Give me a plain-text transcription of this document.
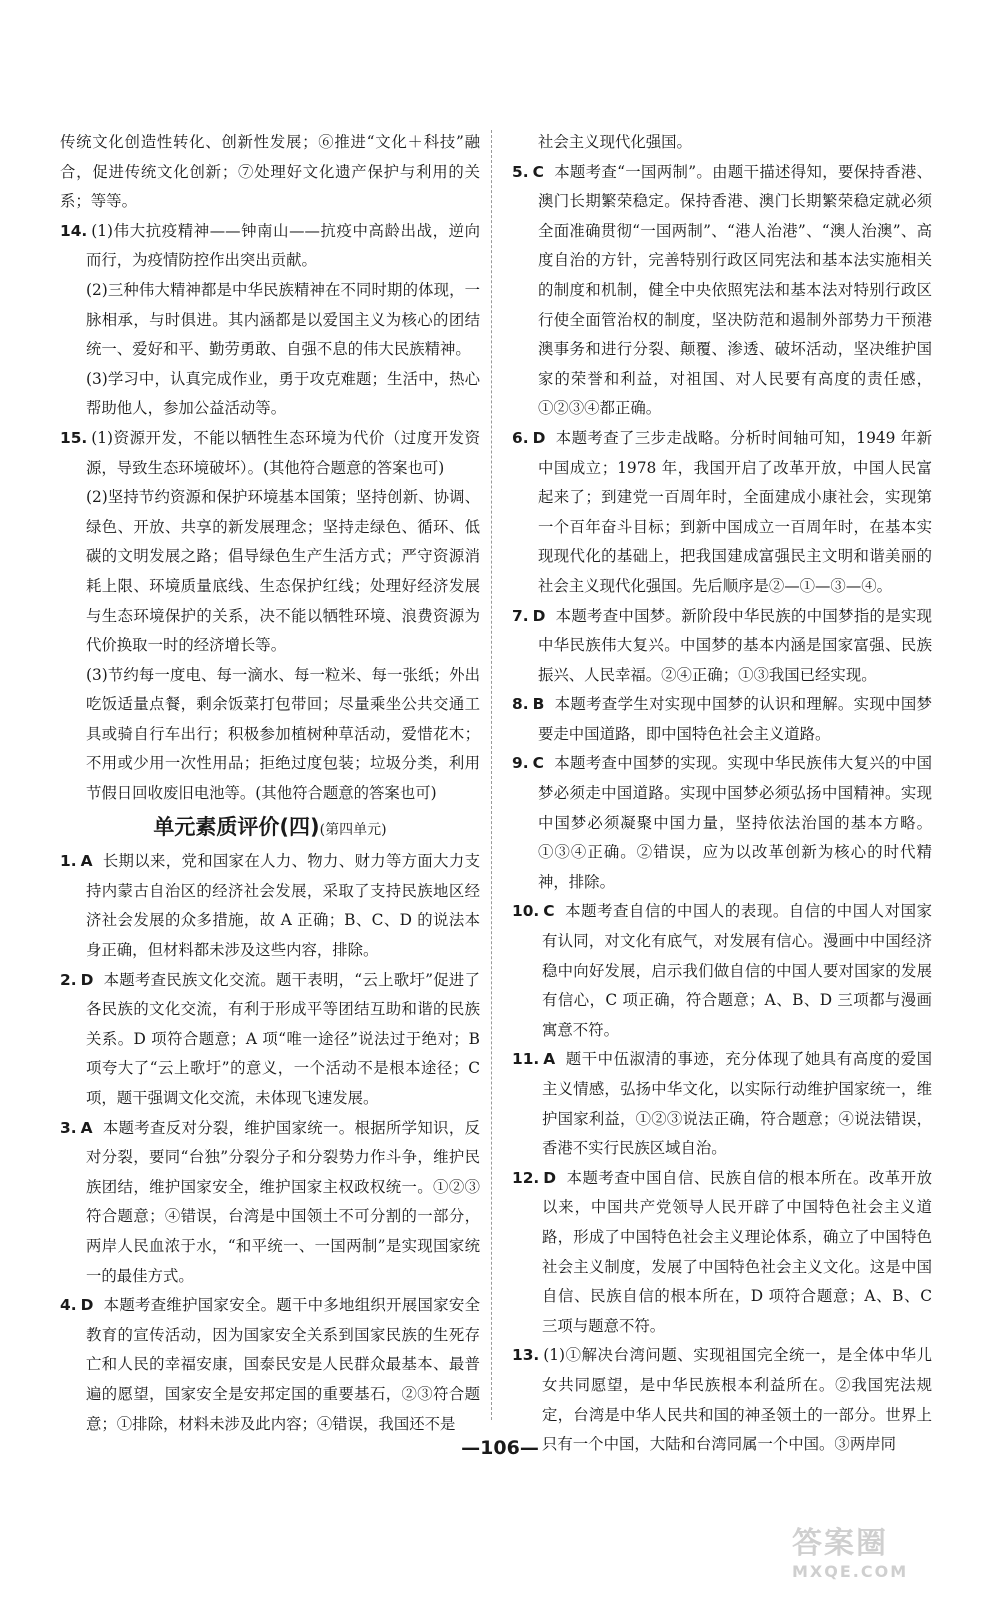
传统文化创造性转化、创新性发展；⑥推进“文化＋科技”融合，促进传统文化创新；⑦处理好文化遗产保护与利用的关系；等等。
14. (1)伟大抗疫精神——钟南山——抗疫中高龄出战，逆向而行，为疫情防控作出突出贡献。
(2)三种伟大精神都是中华民族精神在不同时期的体现，一脉相承，与时俱进。其内涵都是以爱国主义为核心的团结统一、爱好和平、勤劳勇敢、自强不息的伟大民族精神。
(3)学习中，认真完成作业，勇于攻克难题；生活中，热心帮助他人，参加公益活动等。
15. (1)资源开发，不能以牺牲生态环境为代价（过度开发资源，导致生态环境破坏）。(其他符合题意的答案也可)
(2)坚持节约资源和保护环境基本国策；坚持创新、协调、绿色、开放、共享的新发展理念；坚持走绿色、循环、低碳的文明发展之路；倡导绿色生产生活方式；严守资源消耗上限、环境质量底线、生态保护红线；处理好经济发展与生态环境保护的关系，决不能以牺牲环境、浪费资源为代价换取一时的经济增长等。
(3)节约每一度电、每一滴水、每一粒米、每一张纸；外出吃饭适量点餐，剩余饭菜打包带回；尽量乘坐公共交通工具或骑自行车出行；积极参加植树种草活动，爱惜花木；不用或少用一次性用品；拒绝过度包装；垃圾分类，利用节假日回收废旧电池等。(其他符合题意的答案也可)
单元素质评价(四)(第四单元)
1. A 长期以来，党和国家在人力、物力、财力等方面大力支持内蒙古自治区的经济社会发展，采取了支持民族地区经济社会发展的众多措施，故 A 正确；B、C、D 的说法本身正确，但材料都未涉及这些内容，排除。
2. D 本题考查民族文化交流。题干表明，“云上歌圩”促进了各民族的文化交流，有利于形成平等团结互助和谐的民族关系。D 项符合题意；A 项“唯一途径”说法过于绝对；B 项夸大了“云上歌圩”的意义，一个活动不是根本途径；C 项，题干强调文化交流，未体现飞速发展。
3. A 本题考查反对分裂，维护国家统一。根据所学知识，反对分裂，要同“台独”分裂分子和分裂势力作斗争，维护民族团结，维护国家安全，维护国家主权政权统一。①②③符合题意；④错误，台湾是中国领土不可分割的一部分，两岸人民血浓于水，“和平统一、一国两制”是实现国家统一的最佳方式。
4. D 本题考查维护国家安全。题干中多地组织开展国家安全教育的宣传活动，因为国家安全关系到国家民族的生死存亡和人民的幸福安康，国泰民安是人民群众最基本、最普遍的愿望，国家安全是安邦定国的重要基石，②③符合题意；①排除，材料未涉及此内容；④错误，我国还不是
社会主义现代化强国。
5. C 本题考查“一国两制”。由题干描述得知，要保持香港、澳门长期繁荣稳定。保持香港、澳门长期繁荣稳定就必须全面准确贯彻“一国两制”、“港人治港”、“澳人治澳”、高度自治的方针，完善特别行政区同宪法和基本法实施相关的制度和机制，健全中央依照宪法和基本法对特别行政区行使全面管治权的制度，坚决防范和遏制外部势力干预港澳事务和进行分裂、颠覆、渗透、破坏活动，坚决维护国家的荣誉和利益，对祖国、对人民要有高度的责任感，①②③④都正确。
6. D 本题考查了三步走战略。分析时间轴可知，1949 年新中国成立；1978 年，我国开启了改革开放，中国人民富起来了；到建党一百周年时，全面建成小康社会，实现第一个百年奋斗目标；到新中国成立一百周年时，在基本实现现代化的基础上，把我国建成富强民主文明和谐美丽的社会主义现代化强国。先后顺序是②—①—③—④。
7. D 本题考查中国梦。新阶段中华民族的中国梦指的是实现中华民族伟大复兴。中国梦的基本内涵是国家富强、民族振兴、人民幸福。②④正确；①③我国已经实现。
8. B 本题考查学生对实现中国梦的认识和理解。实现中国梦要走中国道路，即中国特色社会主义道路。
9. C 本题考查中国梦的实现。实现中华民族伟大复兴的中国梦必须走中国道路。实现中国梦必须弘扬中国精神。实现中国梦必须凝聚中国力量，坚持依法治国的基本方略。①③④正确。②错误，应为以改革创新为核心的时代精神，排除。
10. C 本题考查自信的中国人的表现。自信的中国人对国家有认同，对文化有底气，对发展有信心。漫画中中国经济稳中向好发展，启示我们做自信的中国人要对国家的发展有信心，C 项正确，符合题意；A、B、D 三项都与漫画寓意不符。
11. A 题干中伍淑清的事迹，充分体现了她具有高度的爱国主义情感，弘扬中华文化，以实际行动维护国家统一，维护国家利益，①②③说法正确，符合题意；④说法错误，香港不实行民族区域自治。
12. D 本题考查中国自信、民族自信的根本所在。改革开放以来，中国共产党领导人民开辟了中国特色社会主义道路，形成了中国特色社会主义理论体系，确立了中国特色社会主义制度，发展了中国特色社会主义文化。这是中国自信、民族自信的根本所在，D 项符合题意；A、B、C 三项与题意不符。
13. (1)①解决台湾问题、实现祖国完全统一，是全体中华儿女共同愿望，是中华民族根本利益所在。②我国宪法规定，台湾是中华人民共和国的神圣领土的一部分。世界上只有一个中国，大陆和台湾同属一个中国。③两岸同
—106—
答案圈
MXQE.COM
